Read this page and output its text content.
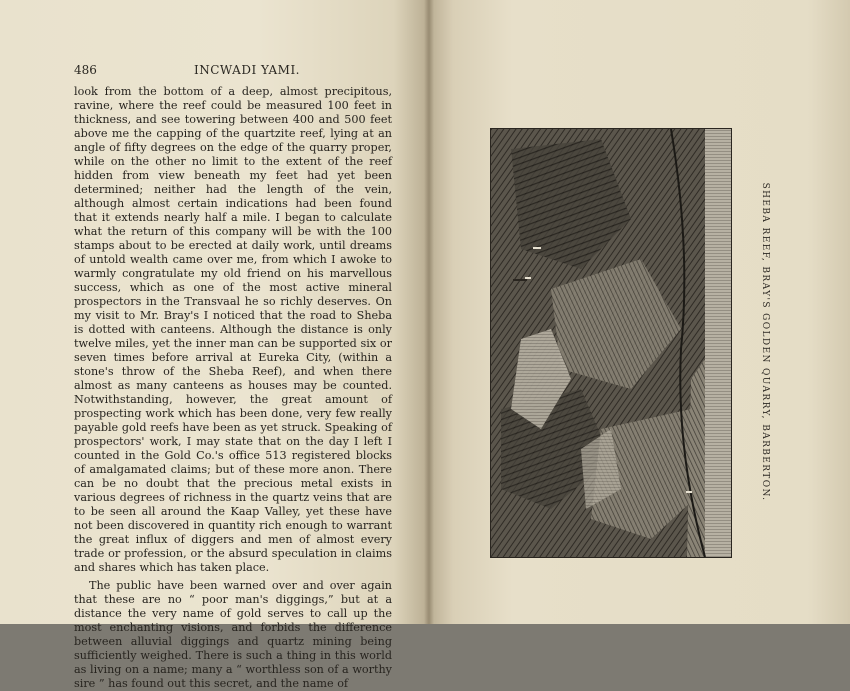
486	INCWADI YAMI.

look from the bottom of a deep, almost precipitous, ravine, where the reef could be measured 100 feet in thickness, and see towering between 400 and 500 feet above me the capping of the quartzite reef, lying at an angle of fifty degrees on the edge of the quarry proper, while on the other no limit to the extent of the reef hidden from view beneath my feet had yet been determined; neither had the length of the vein, although almost certain indications had been found that it extends nearly half a mile. I began to calculate what the return of this company will be with the 100 stamps about to be erected at daily work, until dreams of untold wealth came over me, from which I awoke to warmly congratulate my old friend on his marvellous success, which as one of the most active mineral prospectors in the Transvaal he so richly deserves. On my visit to Mr. Bray's I noticed that the road to Sheba is dotted with canteens. Although the distance is only twelve miles, yet the inner man can be supported six or seven times before arrival at Eureka City, (within a stone's throw of the Sheba Reef), and when there almost as many canteens as houses may be counted. Notwithstanding, however, the great amount of prospecting work which has been done, very few really payable gold reefs have been as yet struck. Speaking of prospectors' work, I may state that on the day I left I counted in the Gold Co.'s office 513 registered blocks of amalgamated claims; but of these more anon. There can be no doubt that the precious metal exists in various degrees of richness in the quartz veins that are to be seen all around the Kaap Valley, yet these have not been discovered in quantity rich enough to warrant the great influx of diggers and men of almost every trade or profession, or the absurd speculation in claims and shares which has taken place.

The public have been warned over and over again that these are no “ poor man's diggings,” but at a distance the very name of gold serves to call up the most enchanting visions, and forbids the difference between alluvial diggings and quartz mining being sufficiently weighed. There is such a thing in this world as living on a name; many a “ worthless son of a worthy sire ” has found out this secret, and the name of

SHEBA REEF, BRAY'S GOLDEN QUARRY, BARBERTON.
